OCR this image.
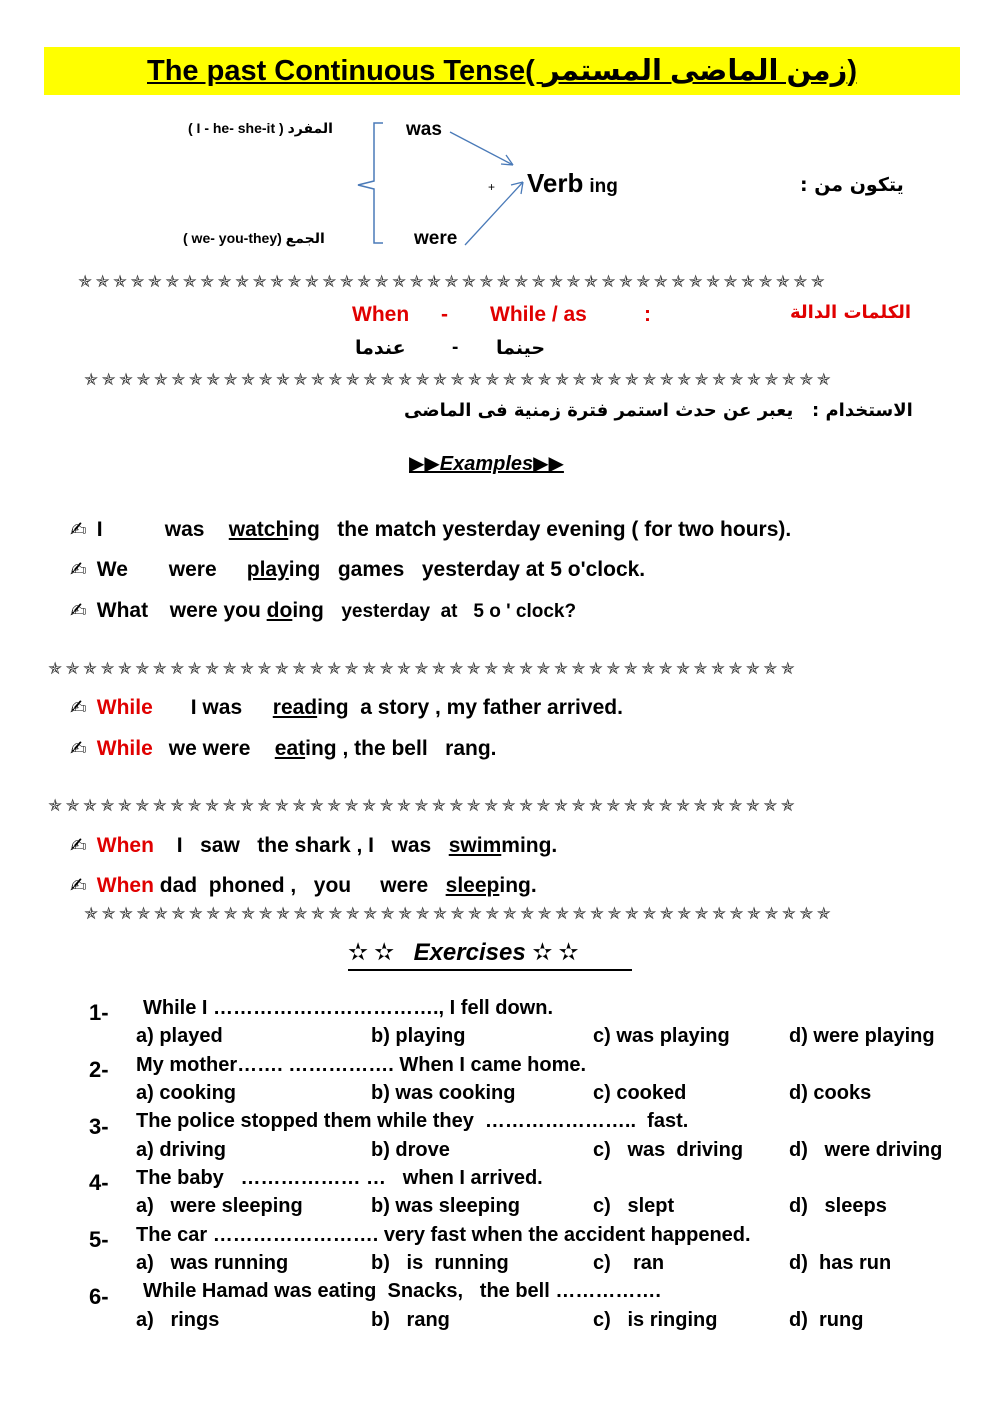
The past Continuous Tense( زمن الماضى المستمر)
( I - he- she-it ) المفرد
( we- you-they) الجمع
was
were
+ Verb ing	يتكون من :
✯✯✯✯✯✯✯✯✯✯✯✯✯✯✯✯✯✯✯✯✯✯✯✯✯✯✯✯✯✯✯✯✯✯✯✯✯✯✯✯✯✯✯
When - While / as	:	الكلمات الدالة
عندما - حينما
✯✯✯✯✯✯✯✯✯✯✯✯✯✯✯✯✯✯✯✯✯✯✯✯✯✯✯✯✯✯✯✯✯✯✯✯✯✯✯✯✯✯✯
الاستخدام :   يعبر عن حدث استمر فترة زمنية فى الماضى
▶▶Examples▶▶
✍ I	was watching the match yesterday evening ( for two hours).
✍ We were playing games   yesterday at 5 o'clock.
✍ What were you doing yesterday  at   5 o ' clock?
✯✯✯✯✯✯✯✯✯✯✯✯✯✯✯✯✯✯✯✯✯✯✯✯✯✯✯✯✯✯✯✯✯✯✯✯✯✯✯✯✯✯✯
✍ While I was reading a story , my father arrived.
✍ While we were eating , the bell   rang.
✯✯✯✯✯✯✯✯✯✯✯✯✯✯✯✯✯✯✯✯✯✯✯✯✯✯✯✯✯✯✯✯✯✯✯✯✯✯✯✯✯✯✯
✍ When I   saw   the shark , I   was swimming.
✍ When dad  phoned ,   you     were sleeping.
✯✯✯✯✯✯✯✯✯✯✯✯✯✯✯✯✯✯✯✯✯✯✯✯✯✯✯✯✯✯✯✯✯✯✯✯✯✯✯✯✯✯✯
✫✫ Exercises ✫✫
1- While I ……………………………., I fell down.
a) played	b) playing	c) was playing	d) were playing
2- My mother……. ……………. When I came home.
a) cooking	b) was cooking	c) cooked	d) cooks
3- The police stopped them while they  …………………..  fast.
a) driving	b) drove	c)   was  driving d)   were driving
4- The baby   ……………… …   when I arrived.
a)   were sleeping	b) was sleeping	c)   slept	d)   sleeps
5- The car ……………………. very fast when the accident happened.
a)   was running	b)   is  running	c)    ran	d)  has run
6- While Hamad was eating  Snacks,   the bell …………….
a)   rings	b)   rang	c)   is ringing	d)  rung
